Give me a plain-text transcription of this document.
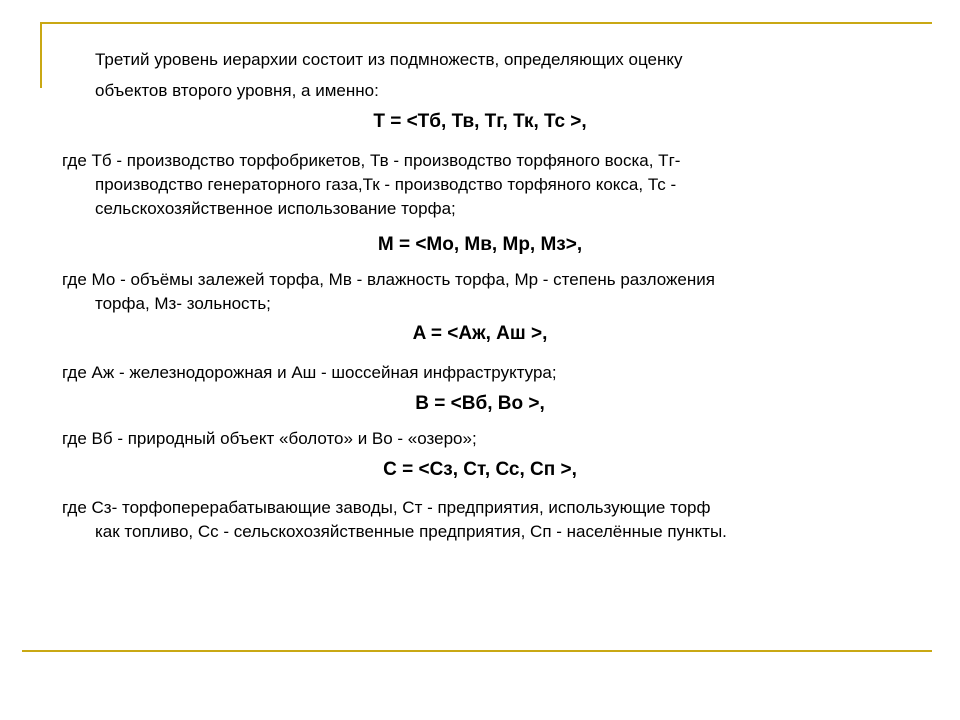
Третий уровень иерархии состоит из подмножеств, определяющих оценку
объектов второго уровня, а именно:
T = <Tб, Тв, Тг, Тк, Тс >,
где Тб - производство торфобрикетов, Тв - производство торфяного воска, Тг-
производство генераторного газа,Тк - производство торфяного кокса, Тс -
сельскохозяйственное использование торфа;
M = <Мо, Мв, Мр, Мз>,
где Мо - объёмы залежей торфа, Мв - влажность торфа, Мр - степень разложения
торфа, Мз- зольность;
A = <Аж, Аш >,
где Аж - железнодорожная и Аш - шоссейная инфраструктура;
B = <Вб, Во >,
где Вб - природный объект «болото» и Во - «озеро»;
C = <Сз, Ст, Сс, Сп >,
где Сз- торфоперерабатывающие заводы, Ст - предприятия, использующие торф
как топливо, Сс - сельскохозяйственные предприятия, Сп - населённые пункты.
